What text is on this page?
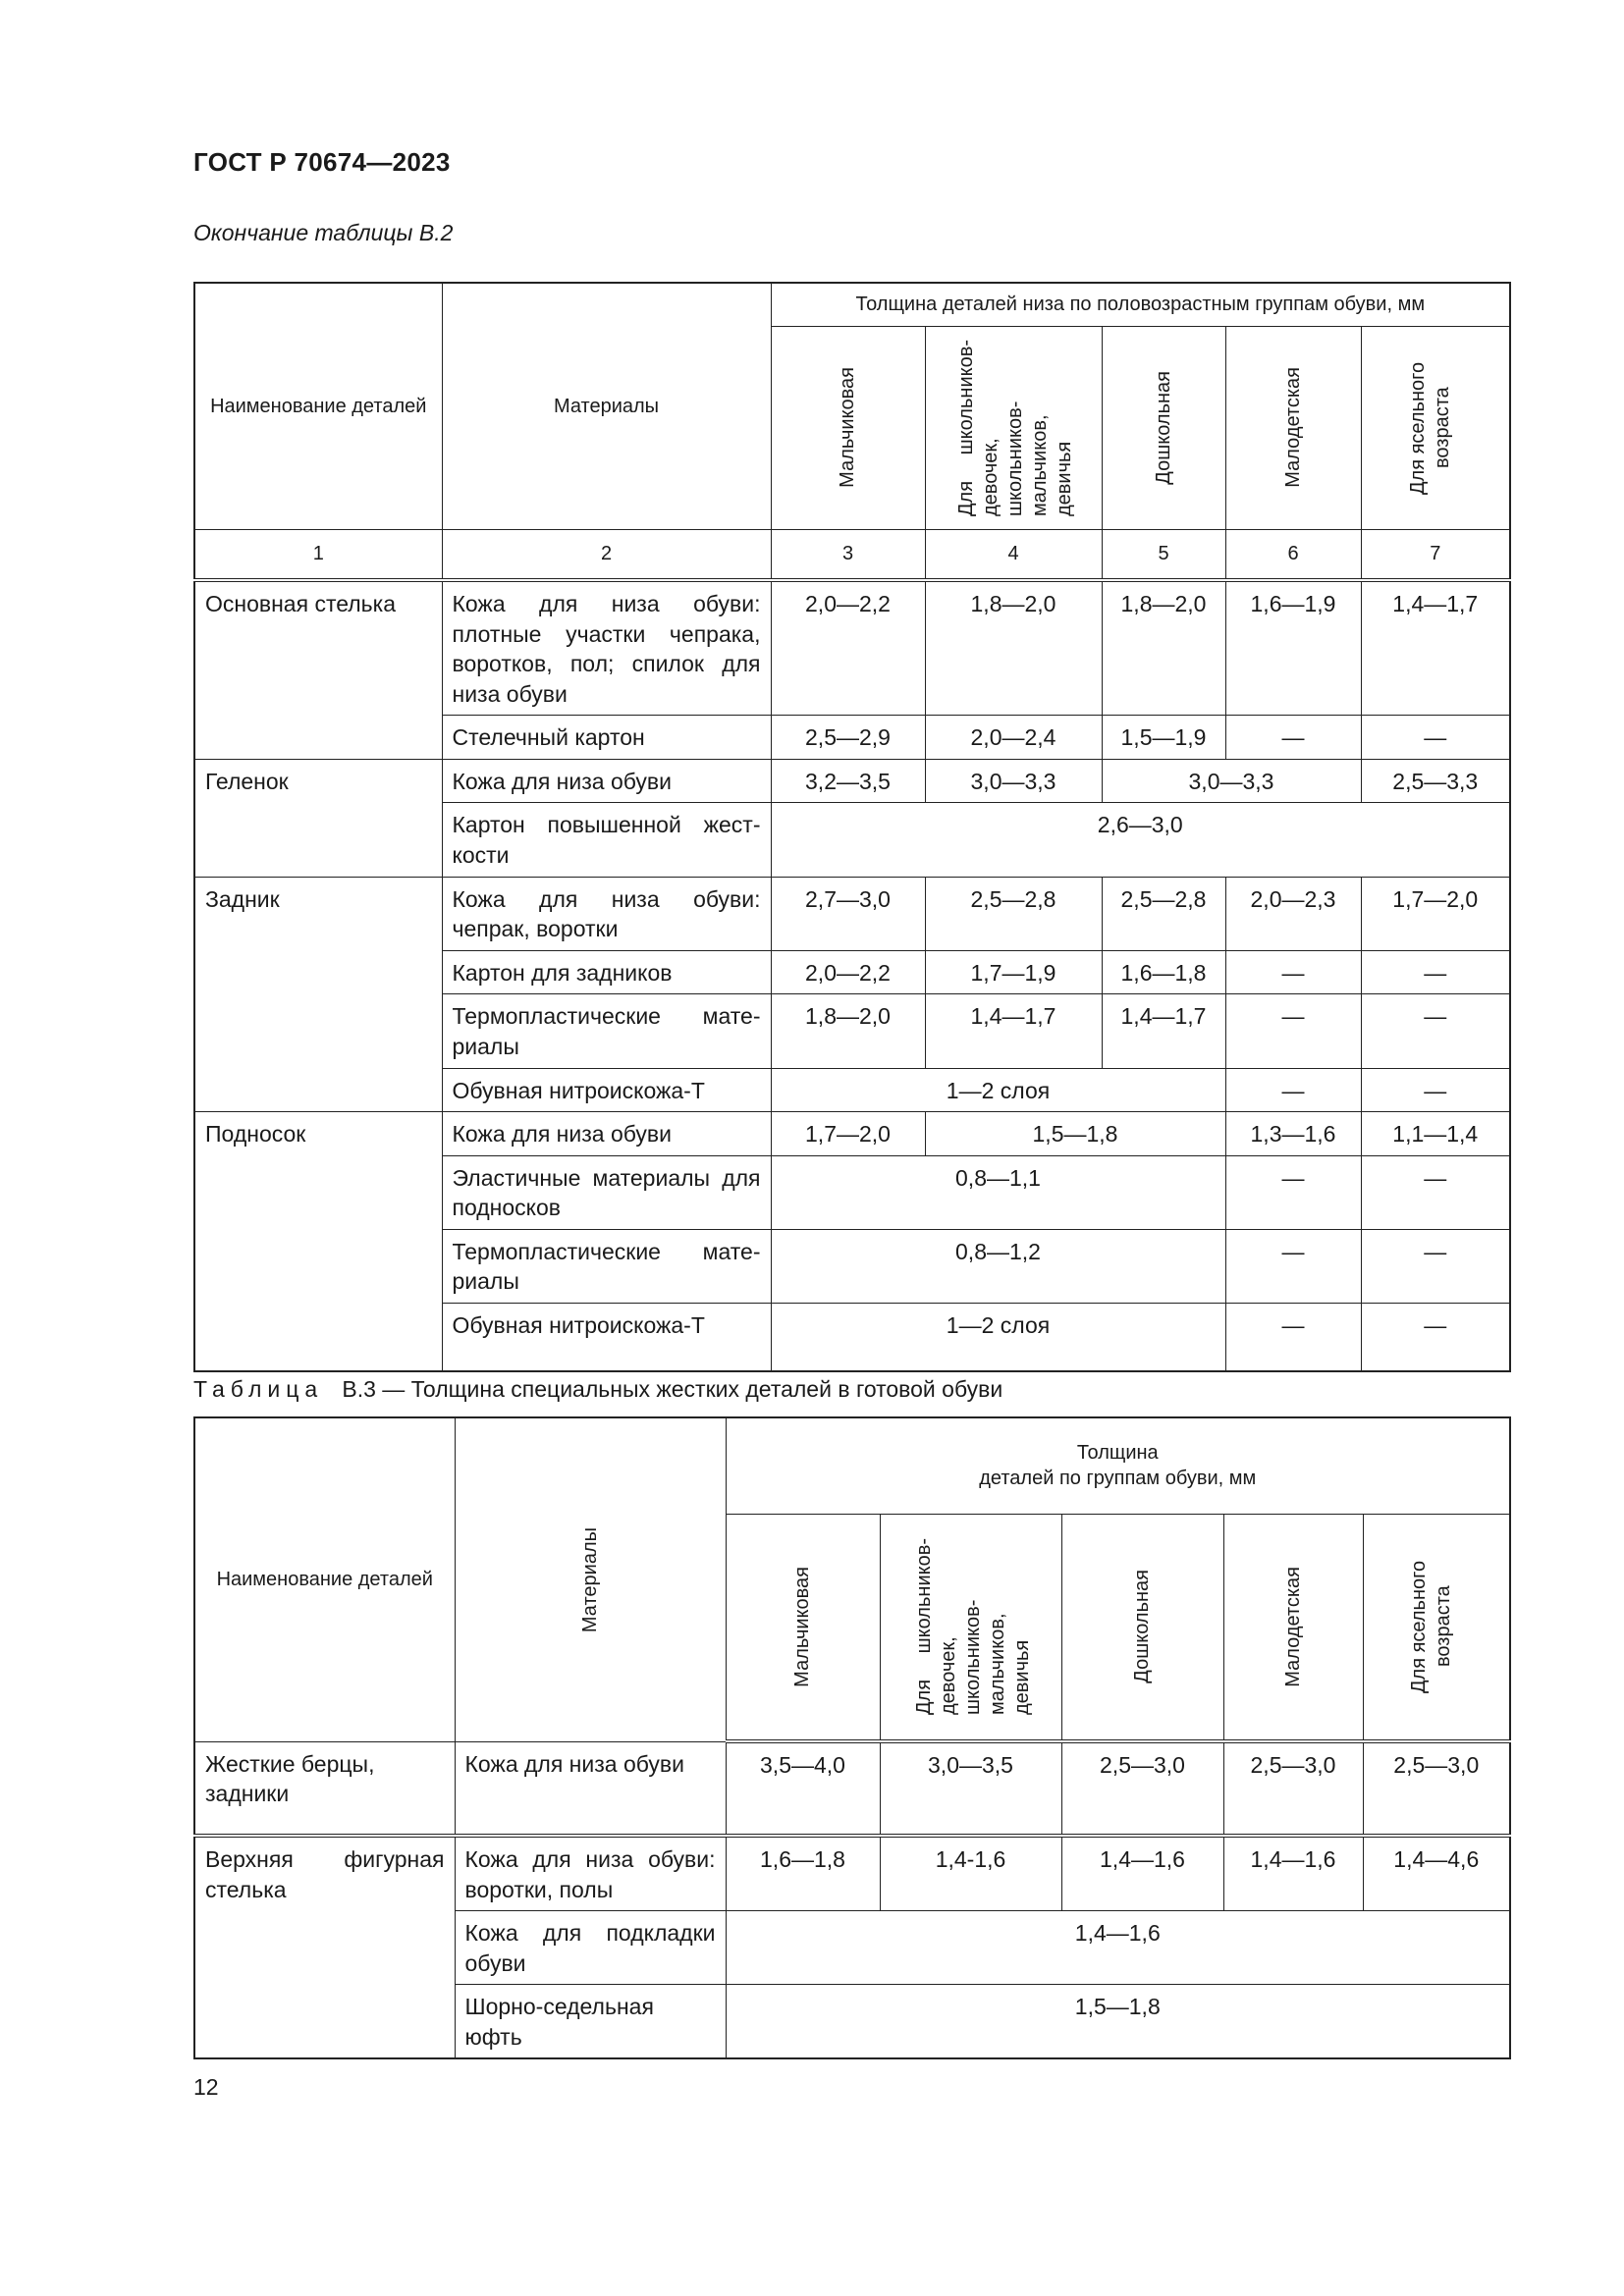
ГОСТ Р 70674—2023
Окончание таблицы В.2
Наименование деталей	Материалы	Толщина деталей низа по половозрастным группам обуви, мм				

		Мальчиковая	Для школьников-девочек, школьников-мальчиков, девичья	Дошкольная	Малодетская	Для ясельного возраста

1	2	3	4	5	6	7
Основная стелька	Кожа для низа обуви: плотные участки чепрака, воротков, пол; спилок для низа обуви	2,0—2,2	1,8—2,0	1,8—2,0	1,6—1,9	1,4—1,7
	Стелечный картон	2,5—2,9	2,0—2,4	1,5—1,9	—	—
Геленок	Кожа для низа обуви	3,2—3,5	3,0—3,3	3,0—3,3		2,5—3,3
	Картон повышенной жест-кости	2,6—3,0				
Задник	Кожа для низа обуви: чепрак, воротки	2,7—3,0	2,5—2,8	2,5—2,8	2,0—2,3	1,7—2,0
	Картон для задников	2,0—2,2	1,7—1,9	1,6—1,8	—	—
	Термопластические мате-риалы	1,8—2,0	1,4—1,7	1,4—1,7	—	—
	Обувная нитроискожа-Т	1—2 слоя			—	—
Подносок	Кожа для низа обуви	1,7—2,0	1,5—1,8		1,3—1,6	1,1—1,4
	Эластичные материалы для подносков	0,8—1,1			—	—
	Термопластические мате-риалы	0,8—1,2			—	—
	Обувная нитроискожа-Т	1—2 слоя			—	—
Таблица В.3 — Толщина специальных жестких деталей в готовой обуви
Наименование деталей	Материалы	Толщина
деталей по группам обуви, мм				

		Мальчиковая	Для школьников-девочек, школьников-мальчиков, девичья	Дошкольная	Малодетская	Для ясельного возраста

Жесткие берцы, задники	Кожа для низа обуви	3,5—4,0	3,0—3,5	2,5—3,0	2,5—3,0	2,5—3,0
Верхняя фигурная стелька	Кожа для низа обуви: воротки, полы	1,6—1,8	1,4-1,6	1,4—1,6	1,4—1,6	1,4—4,6
	Кожа для подкладки обуви	1,4—1,6				
	Шорно-седельная юфть	1,5—1,8				
12
